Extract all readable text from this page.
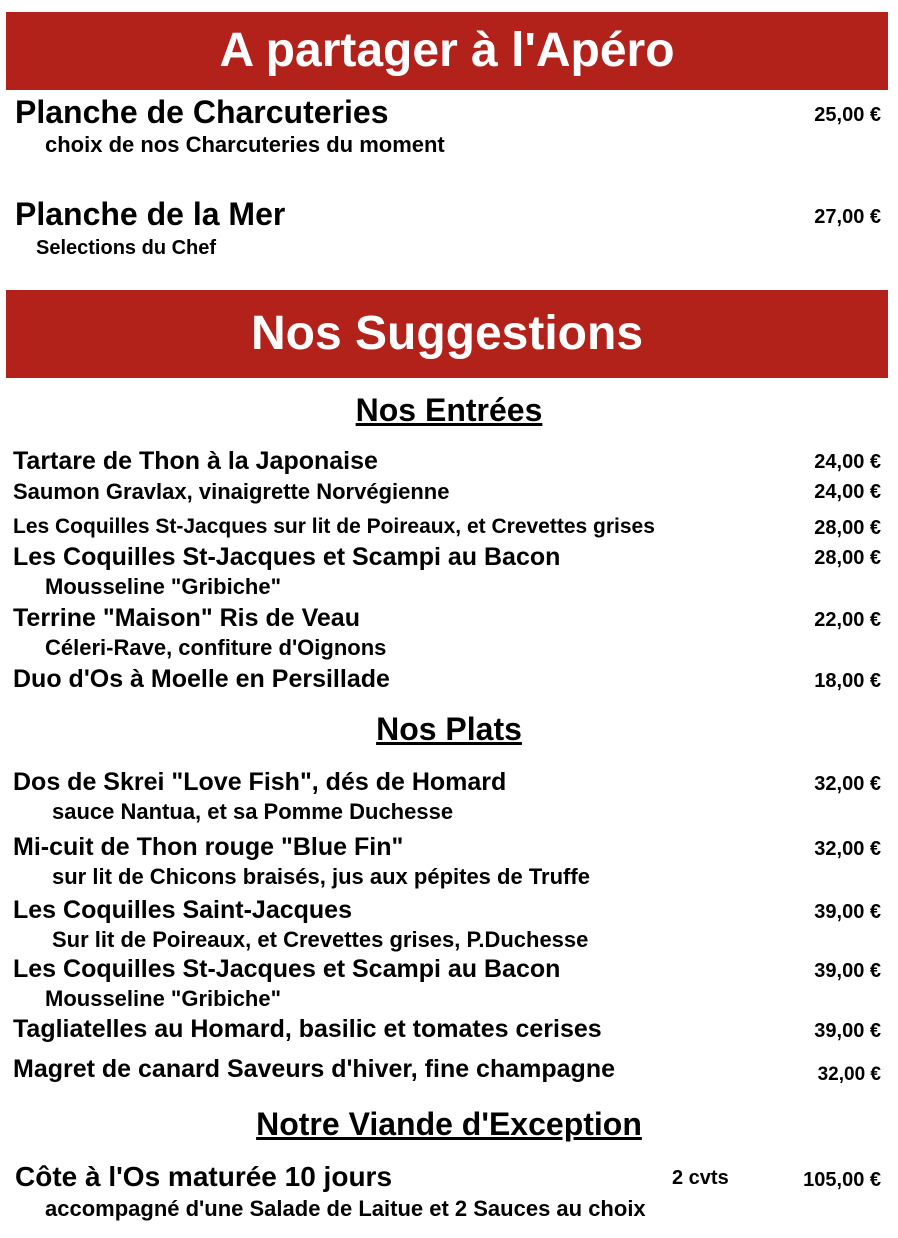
A partager à l'Apéro
Planche de Charcuteries	25,00 €
choix de nos Charcuteries du moment
Planche de la Mer	27,00 €
Selections du Chef
Nos Suggestions
Nos Entrées
Tartare de Thon à la Japonaise	24,00 €
Saumon Gravlax, vinaigrette Norvégienne	24,00 €
Les Coquilles St-Jacques sur lit de Poireaux, et Crevettes grises	28,00 €
Les Coquilles St-Jacques et Scampi au Bacon	28,00 €
Mousseline "Gribiche"
Terrine "Maison" Ris de Veau	22,00 €
Céleri-Rave, confiture d'Oignons
Duo d'Os à Moelle en Persillade	18,00 €
Nos Plats
Dos de Skrei "Love Fish", dés de Homard	32,00 €
sauce Nantua, et sa Pomme Duchesse
Mi-cuit de Thon rouge "Blue Fin"	32,00 €
sur lit de Chicons braisés, jus aux pépites de Truffe
Les Coquilles Saint-Jacques	39,00 €
Sur lit de Poireaux, et Crevettes grises, P.Duchesse
Les Coquilles St-Jacques et Scampi au Bacon	39,00 €
Mousseline "Gribiche"
Tagliatelles au Homard, basilic et tomates cerises	39,00 €
Magret de canard Saveurs d'hiver, fine champagne	32,00 €
Notre Viande d'Exception
Côte à l'Os maturée 10 jours	2 cvts	105,00 €
accompagné d'une Salade de Laitue et 2 Sauces au choix
